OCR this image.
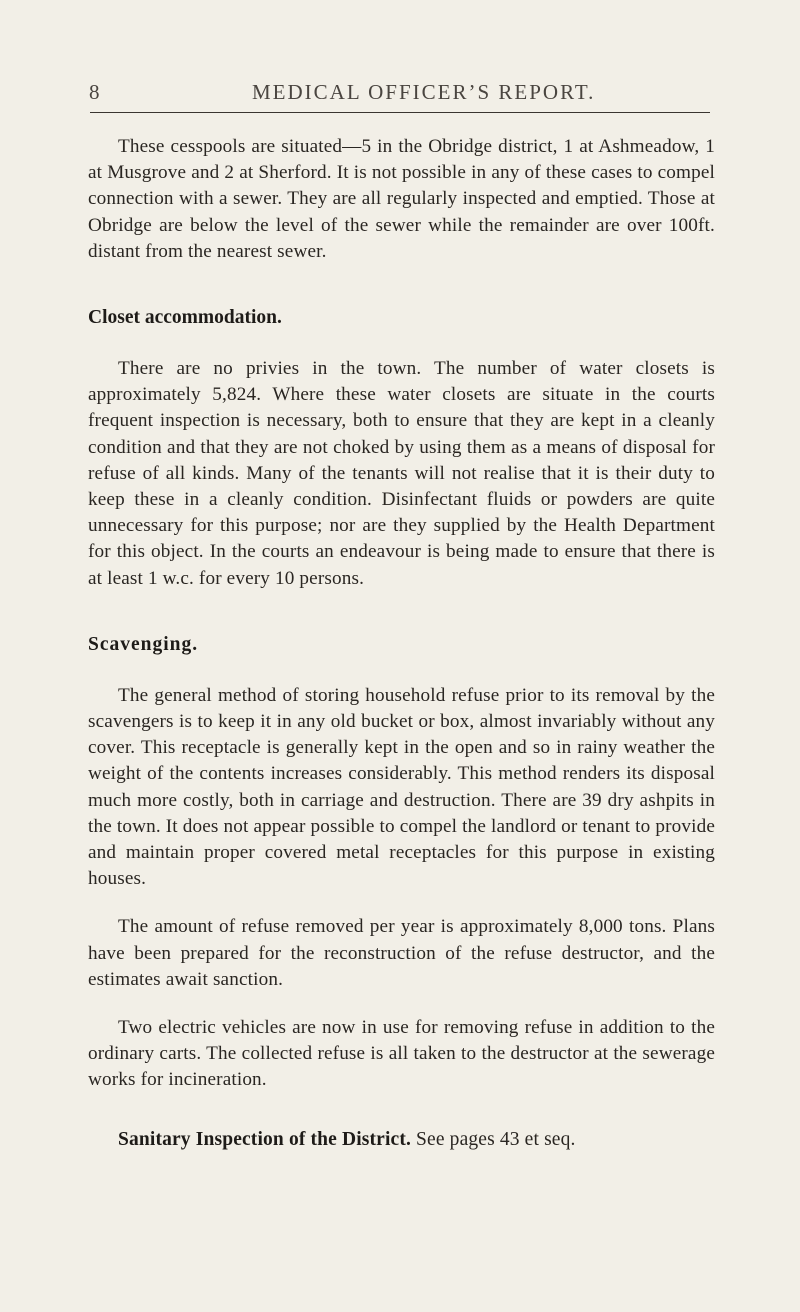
8	MEDICAL OFFICER’S REPORT.

These cesspools are situated—5 in the Obridge district, 1 at Ashmeadow, 1 at Musgrove and 2 at Sherford. It is not possible in any of these cases to compel connection with a sewer. They are all regularly inspected and emptied. Those at Obridge are below the level of the sewer while the remainder are over 100ft. distant from the nearest sewer.

Closet accommodation.

There are no privies in the town. The number of water closets is approximately 5,824. Where these water closets are situate in the courts frequent inspection is necessary, both to ensure that they are kept in a cleanly condition and that they are not choked by using them as a means of disposal for refuse of all kinds. Many of the tenants will not realise that it is their duty to keep these in a cleanly condition. Disinfectant fluids or powders are quite unnecessary for this purpose; nor are they supplied by the Health Department for this object. In the courts an endeavour is being made to ensure that there is at least 1 w.c. for every 10 persons.

Scavenging.

The general method of storing household refuse prior to its removal by the scavengers is to keep it in any old bucket or box, almost invariably without any cover. This receptacle is generally kept in the open and so in rainy weather the weight of the contents increases considerably. This method renders its disposal much more costly, both in carriage and destruction. There are 39 dry ashpits in the town. It does not appear possible to compel the landlord or tenant to provide and maintain proper covered metal receptacles for this purpose in existing houses.

The amount of refuse removed per year is approximately 8,000 tons. Plans have been prepared for the reconstruction of the refuse destructor, and the estimates await sanction.

Two electric vehicles are now in use for removing refuse in addition to the ordinary carts. The collected refuse is all taken to the destructor at the sewerage works for incineration.

Sanitary Inspection of the District. See pages 43 et seq.
